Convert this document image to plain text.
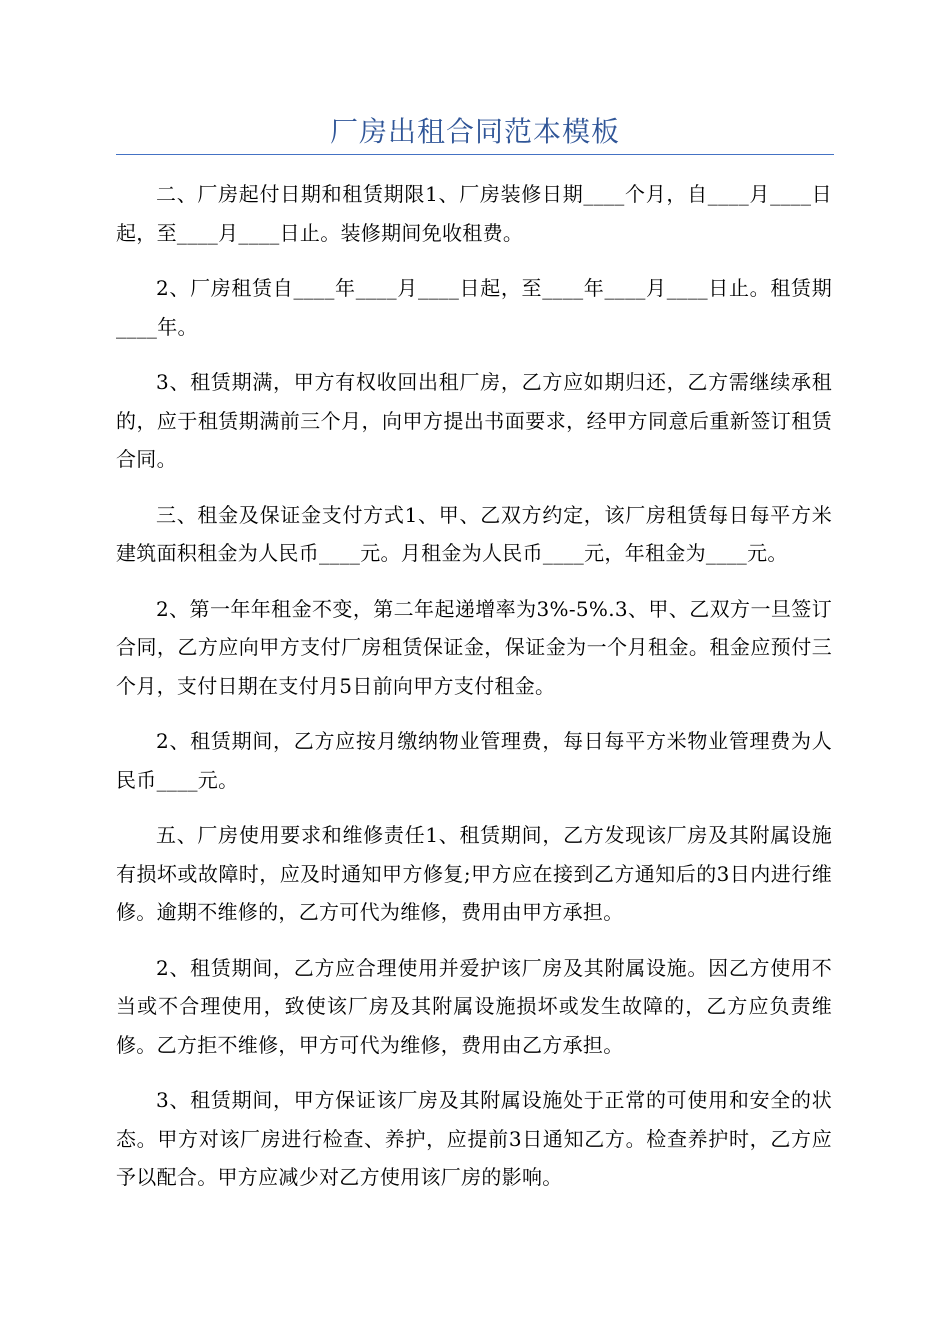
厂房出租合同范本模板

二、厂房起付日期和租赁期限1、厂房装修日期____个月，自____月____日起，至____月____日止。装修期间免收租费。

2、厂房租赁自____年____月____日起，至____年____月____日止。租赁期____年。

3、租赁期满，甲方有权收回出租厂房，乙方应如期归还，乙方需继续承租的，应于租赁期满前三个月，向甲方提出书面要求，经甲方同意后重新签订租赁合同。

三、租金及保证金支付方式1、甲、乙双方约定，该厂房租赁每日每平方米建筑面积租金为人民币____元。月租金为人民币____元，年租金为____元。

2、第一年年租金不变，第二年起递增率为3%-5%.3、甲、乙双方一旦签订合同，乙方应向甲方支付厂房租赁保证金，保证金为一个月租金。租金应预付三个月，支付日期在支付月5日前向甲方支付租金。

2、租赁期间，乙方应按月缴纳物业管理费，每日每平方米物业管理费为人民币____元。

五、厂房使用要求和维修责任1、租赁期间，乙方发现该厂房及其附属设施有损坏或故障时，应及时通知甲方修复;甲方应在接到乙方通知后的3日内进行维修。逾期不维修的，乙方可代为维修，费用由甲方承担。

2、租赁期间，乙方应合理使用并爱护该厂房及其附属设施。因乙方使用不当或不合理使用，致使该厂房及其附属设施损坏或发生故障的，乙方应负责维修。乙方拒不维修，甲方可代为维修，费用由乙方承担。

3、租赁期间，甲方保证该厂房及其附属设施处于正常的可使用和安全的状态。甲方对该厂房进行检查、养护，应提前3日通知乙方。检查养护时，乙方应予以配合。甲方应减少对乙方使用该厂房的影响。
